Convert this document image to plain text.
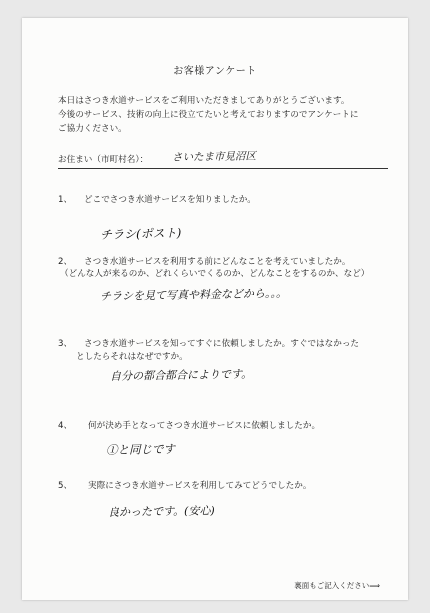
お客様アンケート
本日はさつき水道サービスをご利用いただきましてありがとうございます。
今後のサービス、技術の向上に役立てたいと考えておりますのでアンケートに
ご協力ください。
お住まい（市町村名）： さいたま市見沼区
1、 どこでさつき水道サービスを知りましたか。
チラシ(ポスト)
2、 さつき水道サービスを利用する前にどんなことを考えていましたか。
（どんな人が来るのか、どれくらいでくるのか、どんなことをするのか、など）
チラシを見て写真や料金などから。。。
3、 さつき水道サービスを知ってすぐに依頼しましたか。すぐではなかった
としたらそれはなぜですか。
自分の都合都合によりです。
4、 何が決め手となってさつき水道サービスに依頼しましたか。
①と同じです
5、 実際にさつき水道サービスを利用してみてどうでしたか。
良かったです。(安心)
裏面もご記入ください⟹
